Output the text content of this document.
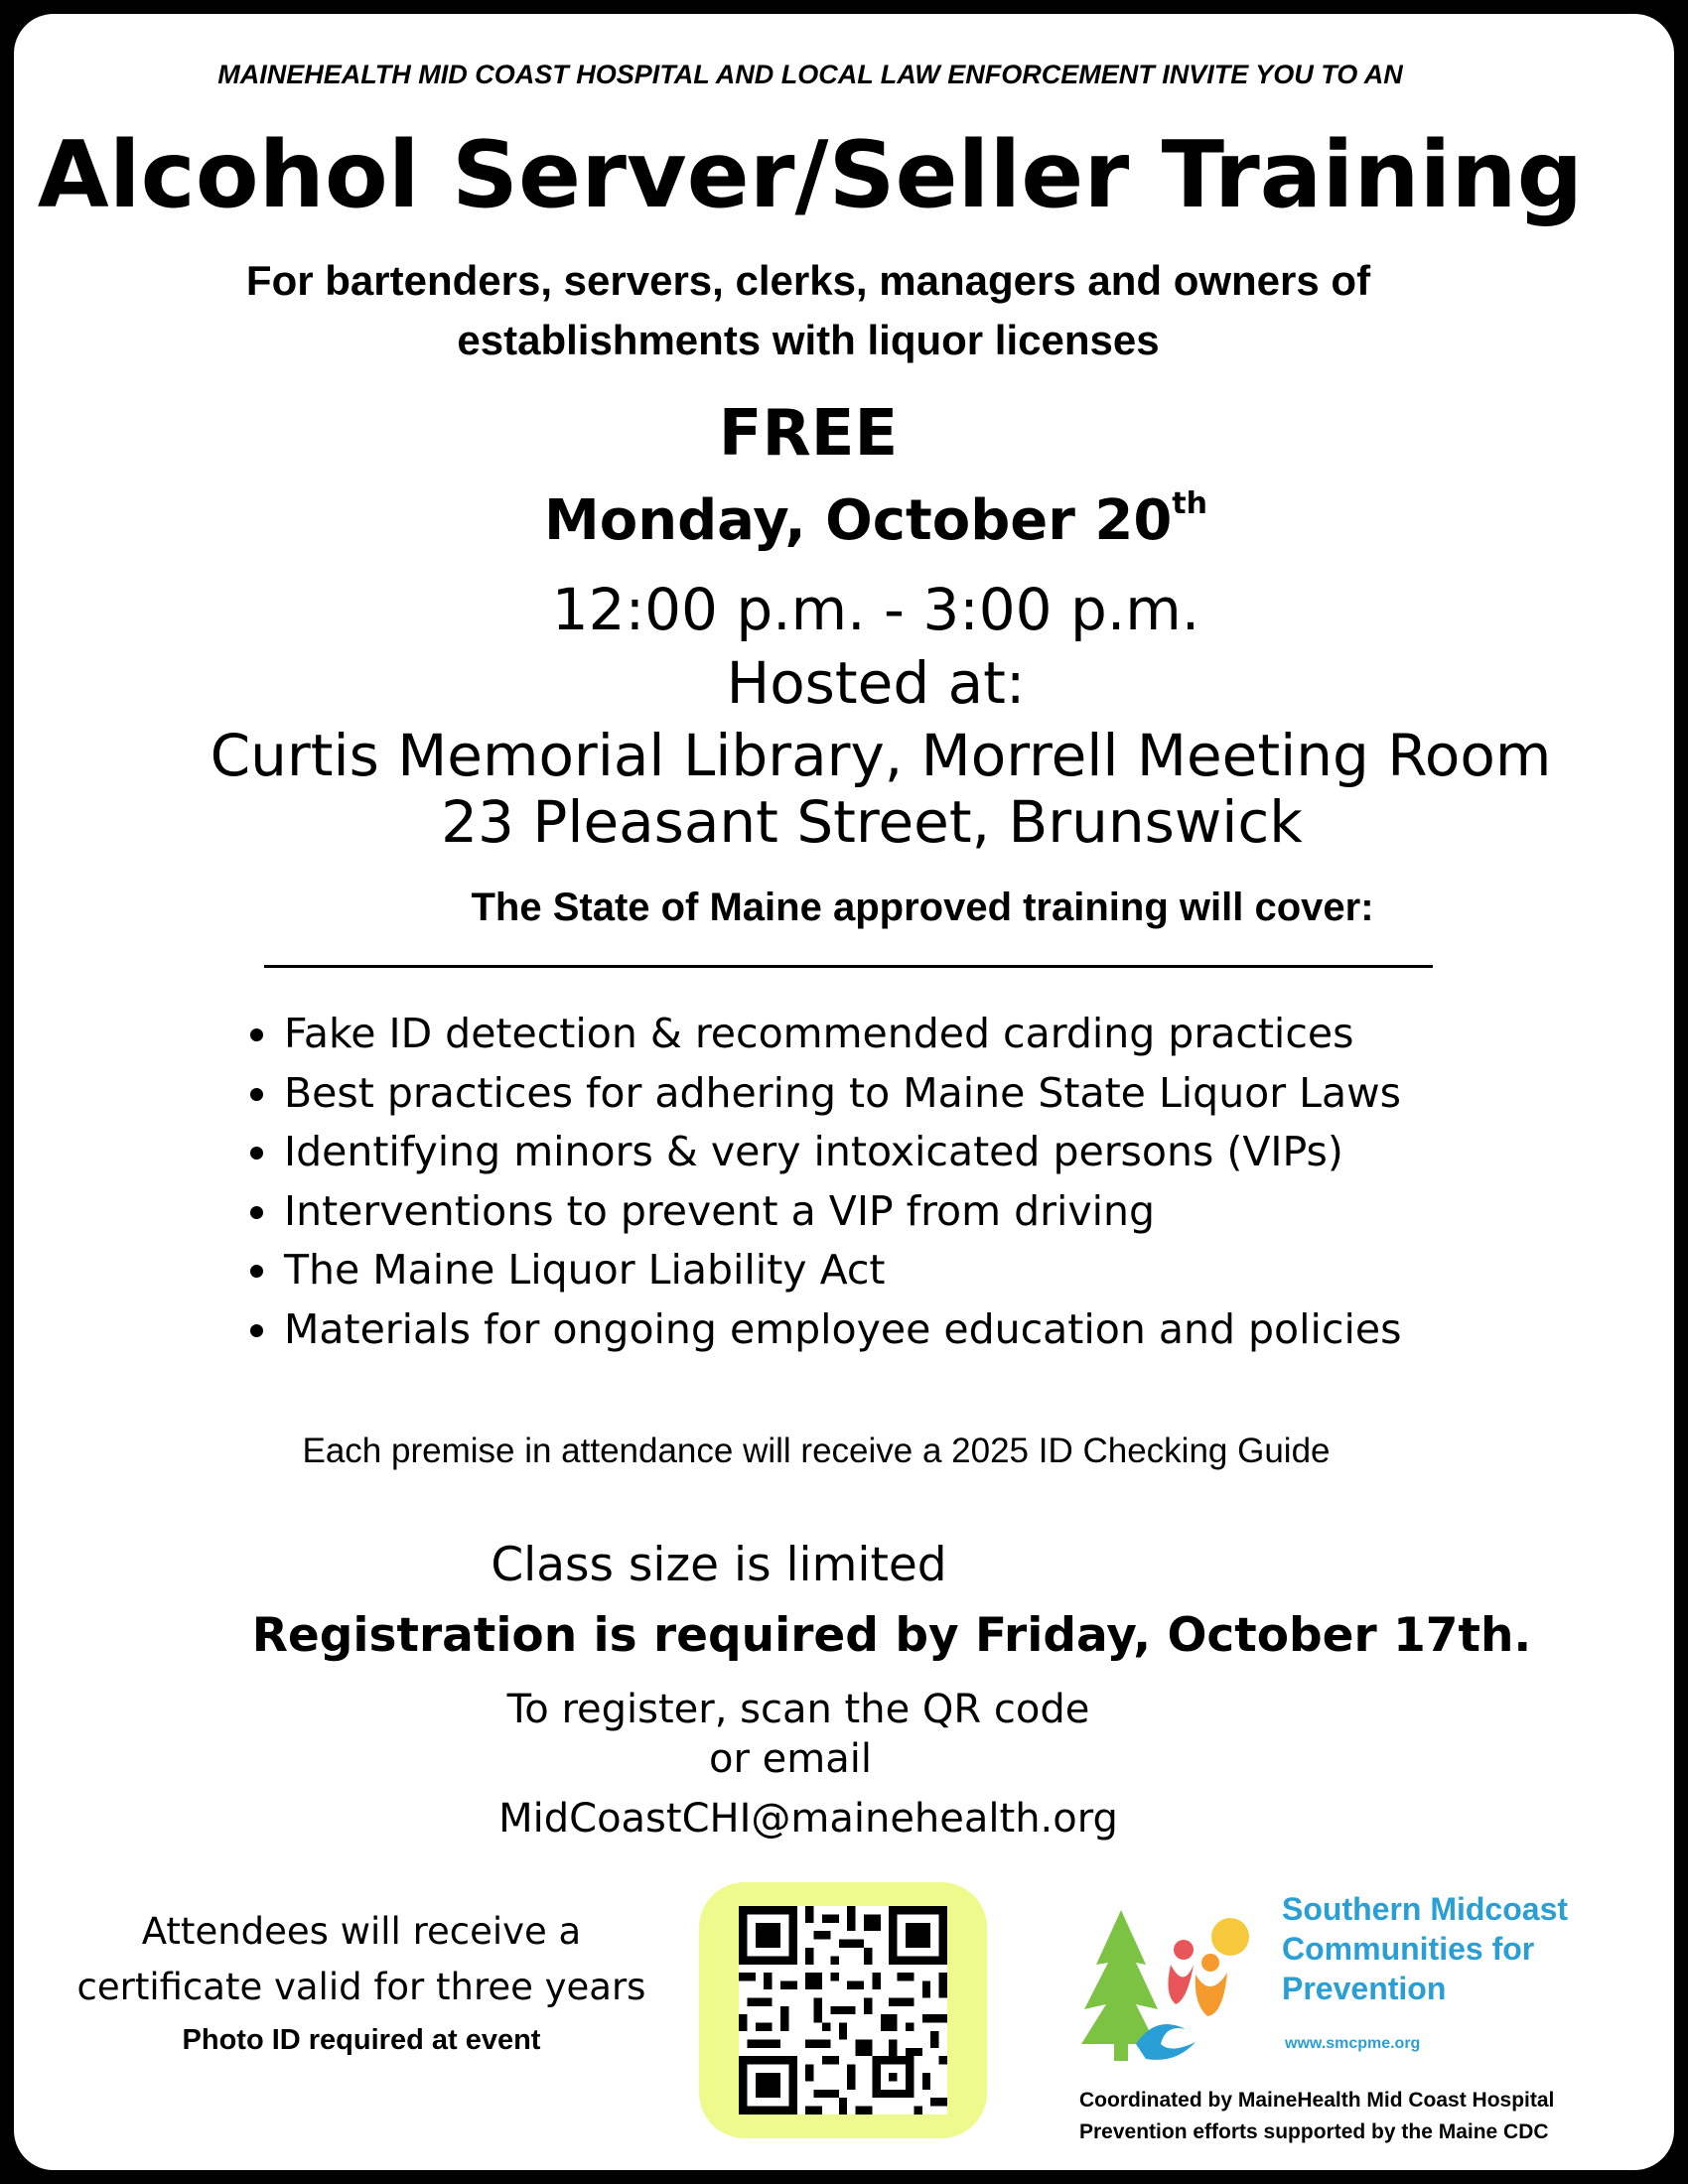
MAINEHEALTH MID COAST HOSPITAL AND LOCAL LAW ENFORCEMENT INVITE YOU TO AN
Alcohol Server/Seller Training
For bartenders, servers, clerks, managers and owners of
establishments with liquor licenses
FREE
Monday, October 20th
12:00 p.m. - 3:00 p.m.
Hosted at:
Curtis Memorial Library, Morrell Meeting Room
23 Pleasant Street, Brunswick
The State of Maine approved training will cover:
Fake ID detection & recommended carding practices
Best practices for adhering to Maine State Liquor Laws
Identifying minors & very intoxicated persons (VIPs)
Interventions to prevent a VIP from driving
The Maine Liquor Liability Act
Materials for ongoing employee education and policies
Each premise in attendance will receive a 2025 ID Checking Guide
Class size is limited
Registration is required by Friday, October 17th.
To register, scan the QR code
or email
MidCoastCHI@mainehealth.org
Attendees will receive a
certificate valid for three years
Photo ID required at event
Southern Midcoast
Communities for
Prevention
www.smcpme.org
Coordinated by MaineHealth Mid Coast Hospital
Prevention efforts supported by the Maine CDC
